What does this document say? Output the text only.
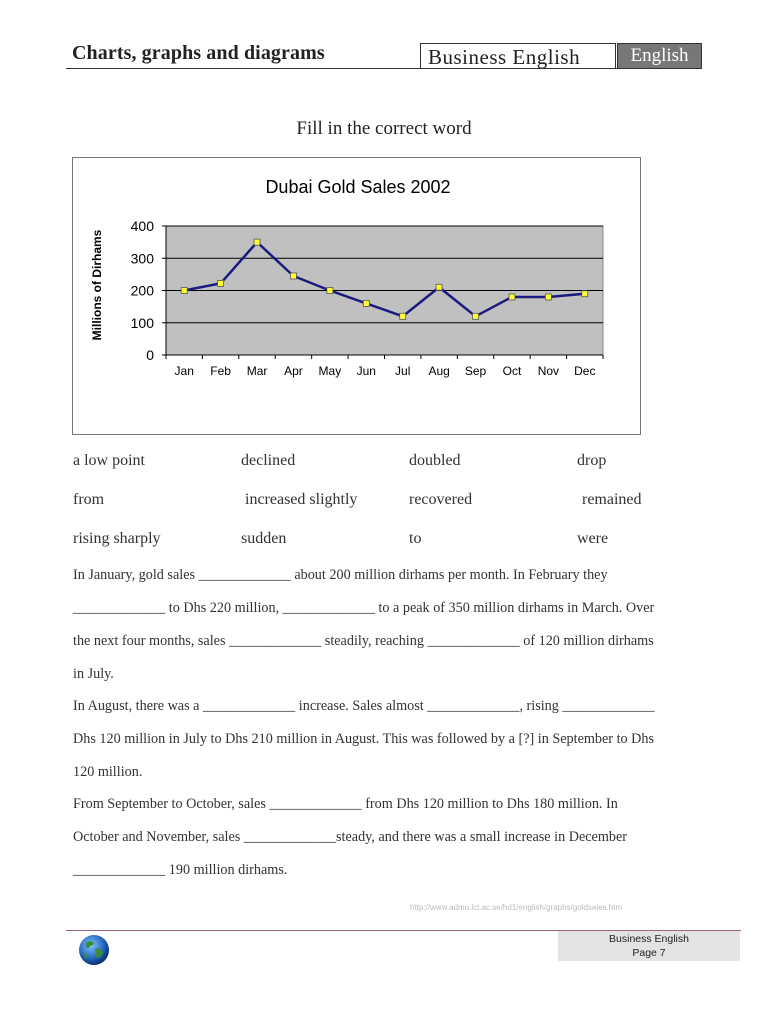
Charts, graphs and diagrams	Business English	English
Fill in the correct word
Dubai Gold Sales 2002
Millions of Dirhams
0
100
200
300
400
Jan Feb Mar Apr May Jun Jul Aug Sep Oct Nov Dec
a low point	declined	doubled	drop
from	increased slightly	recovered	remained
rising sharply	sudden	to	were
In January, gold sales _____________ about 200 million dirhams per month. In February they
_____________ to Dhs 220 million, _____________ to a peak of 350 million dirhams in March. Over
the next four months, sales _____________ steadily, reaching _____________ of 120 million dirhams
in July.
In August, there was a _____________ increase. Sales almost _____________, rising _____________
Dhs 120 million in July to Dhs 210 million in August. This was followed by a [?] in September to Dhs
120 million.
From September to October, sales _____________ from Dhs 120 million to Dhs 180 million. In
October and November, sales _____________steady, and there was a small increase in December
_____________ 190 million dirhams.
http://www.admo.lct.ac.se/hd1/english/graphs/goldsales.htm
Business English
Page 7
